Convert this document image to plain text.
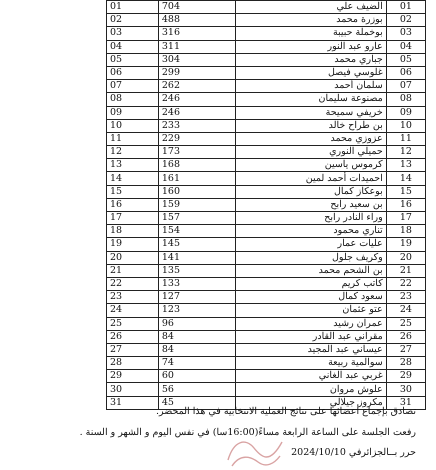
01	704	الضيف علي	01
02	488	بوزرة محمد	02
03	316	بوخملة حبيبة	03
04	311	عارو عبد النور	04
05	304	جباري محمد	05
06	299	غلوسي فيصل	06
07	262	سلمان أحمد	07
08	246	مصنوعة سليمان	08
09	246	خريفي سميحة	09
10	233	بن طراح خالد	10
11	229	عزوزي محمد	11
12	173	حميلي النوري	12
13	168	كرموس ياسين	13
14	161	احميدات أحمد لمين	14
15	160	بوعكاز كمال	15
16	159	بن سعيد رابح	16
17	157	وراء النادر رابح	17
18	154	تناري محمود	18
19	145	عليات عمار	19
20	141	وكريف جلول	20
21	135	بن الشحم محمد	21
22	133	كاتب كريم	22
23	127	سعود كمال	23
24	123	عتو عثمان	24
25	96	عمران رشيد	25
26	84	مقراني عبد القادر	26
27	84	عيساني عبد المجيد	27
28	74	سوالمية ربيعة	28
29	60	غربي عبد الغاني	29
30	56	علوش مروان	30
31	45	مكروز جيلالي	31
تصادق بإجماع أعضائها على نتائج العملية الانتخابية في هذا المحضر.
رفعت الجلسة على الساعة الرابعة مساءً(16:00سا) في نفس اليوم و الشهر و السنة .
حرر بــالجزائرفي 2024/10/10
